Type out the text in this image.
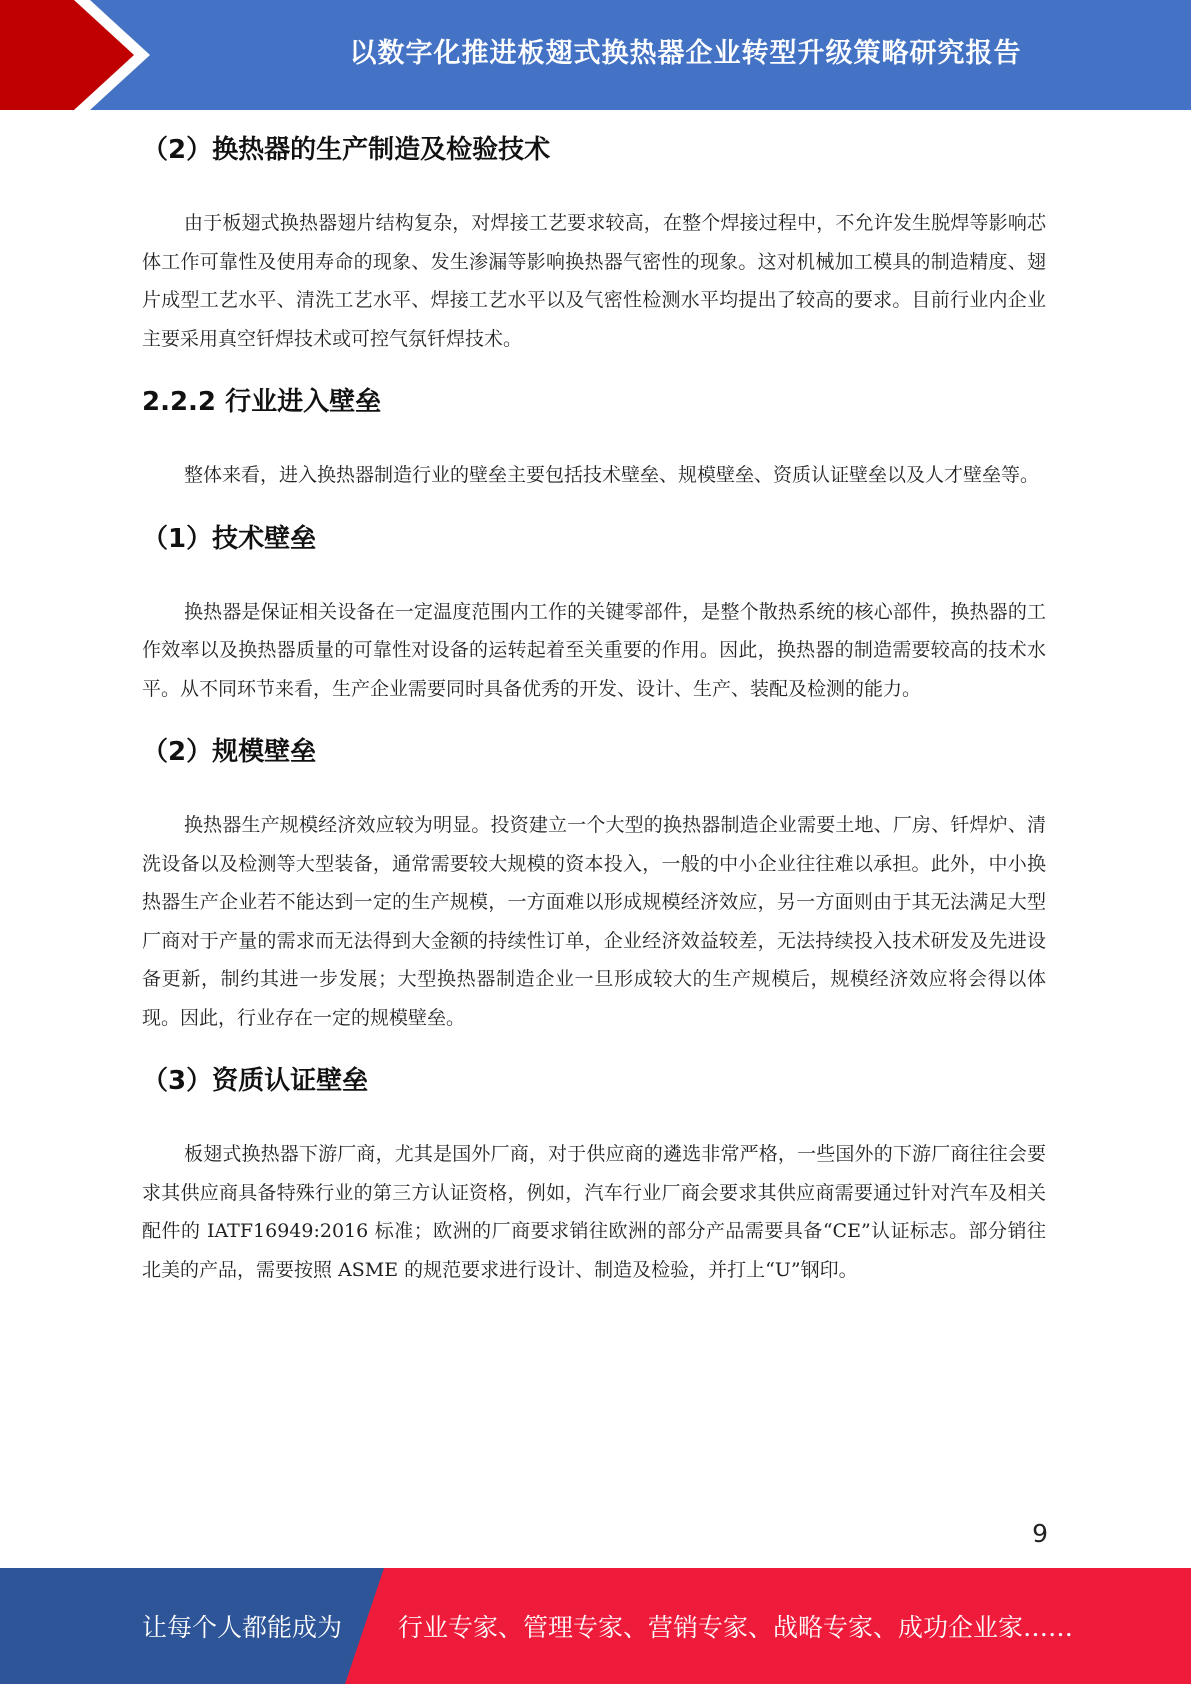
以数字化推进板翅式换热器企业转型升级策略研究报告
（2）换热器的生产制造及检验技术

由于板翅式换热器翅片结构复杂，对焊接工艺要求较高，在整个焊接过程中，不允许发生脱焊等影响芯体工作可靠性及使用寿命的现象、发生渗漏等影响换热器气密性的现象。这对机械加工模具的制造精度、翅片成型工艺水平、清洗工艺水平、焊接工艺水平以及气密性检测水平均提出了较高的要求。目前行业内企业主要采用真空钎焊技术或可控气氛钎焊技术。

2.2.2 行业进入壁垒

整体来看，进入换热器制造行业的壁垒主要包括技术壁垒、规模壁垒、资质认证壁垒以及人才壁垒等。

（1）技术壁垒

换热器是保证相关设备在一定温度范围内工作的关键零部件，是整个散热系统的核心部件，换热器的工作效率以及换热器质量的可靠性对设备的运转起着至关重要的作用。因此，换热器的制造需要较高的技术水平。从不同环节来看，生产企业需要同时具备优秀的开发、设计、生产、装配及检测的能力。

（2）规模壁垒

换热器生产规模经济效应较为明显。投资建立一个大型的换热器制造企业需要土地、厂房、钎焊炉、清洗设备以及检测等大型装备，通常需要较大规模的资本投入，一般的中小企业往往难以承担。此外，中小换热器生产企业若不能达到一定的生产规模，一方面难以形成规模经济效应，另一方面则由于其无法满足大型厂商对于产量的需求而无法得到大金额的持续性订单，企业经济效益较差，无法持续投入技术研发及先进设备更新，制约其进一步发展；大型换热器制造企业一旦形成较大的生产规模后，规模经济效应将会得以体现。因此，行业存在一定的规模壁垒。

（3）资质认证壁垒

板翅式换热器下游厂商，尤其是国外厂商，对于供应商的遴选非常严格，一些国外的下游厂商往往会要求其供应商具备特殊行业的第三方认证资格，例如，汽车行业厂商会要求其供应商需要通过针对汽车及相关配件的 IATF16949:2016 标准；欧洲的厂商要求销往欧洲的部分产品需要具备“CE”认证标志。部分销往北美的产品，需要按照 ASME 的规范要求进行设计、制造及检验，并打上“U”钢印。

9
让每个人都能成为 行业专家、管理专家、营销专家、战略专家、成功企业家……
